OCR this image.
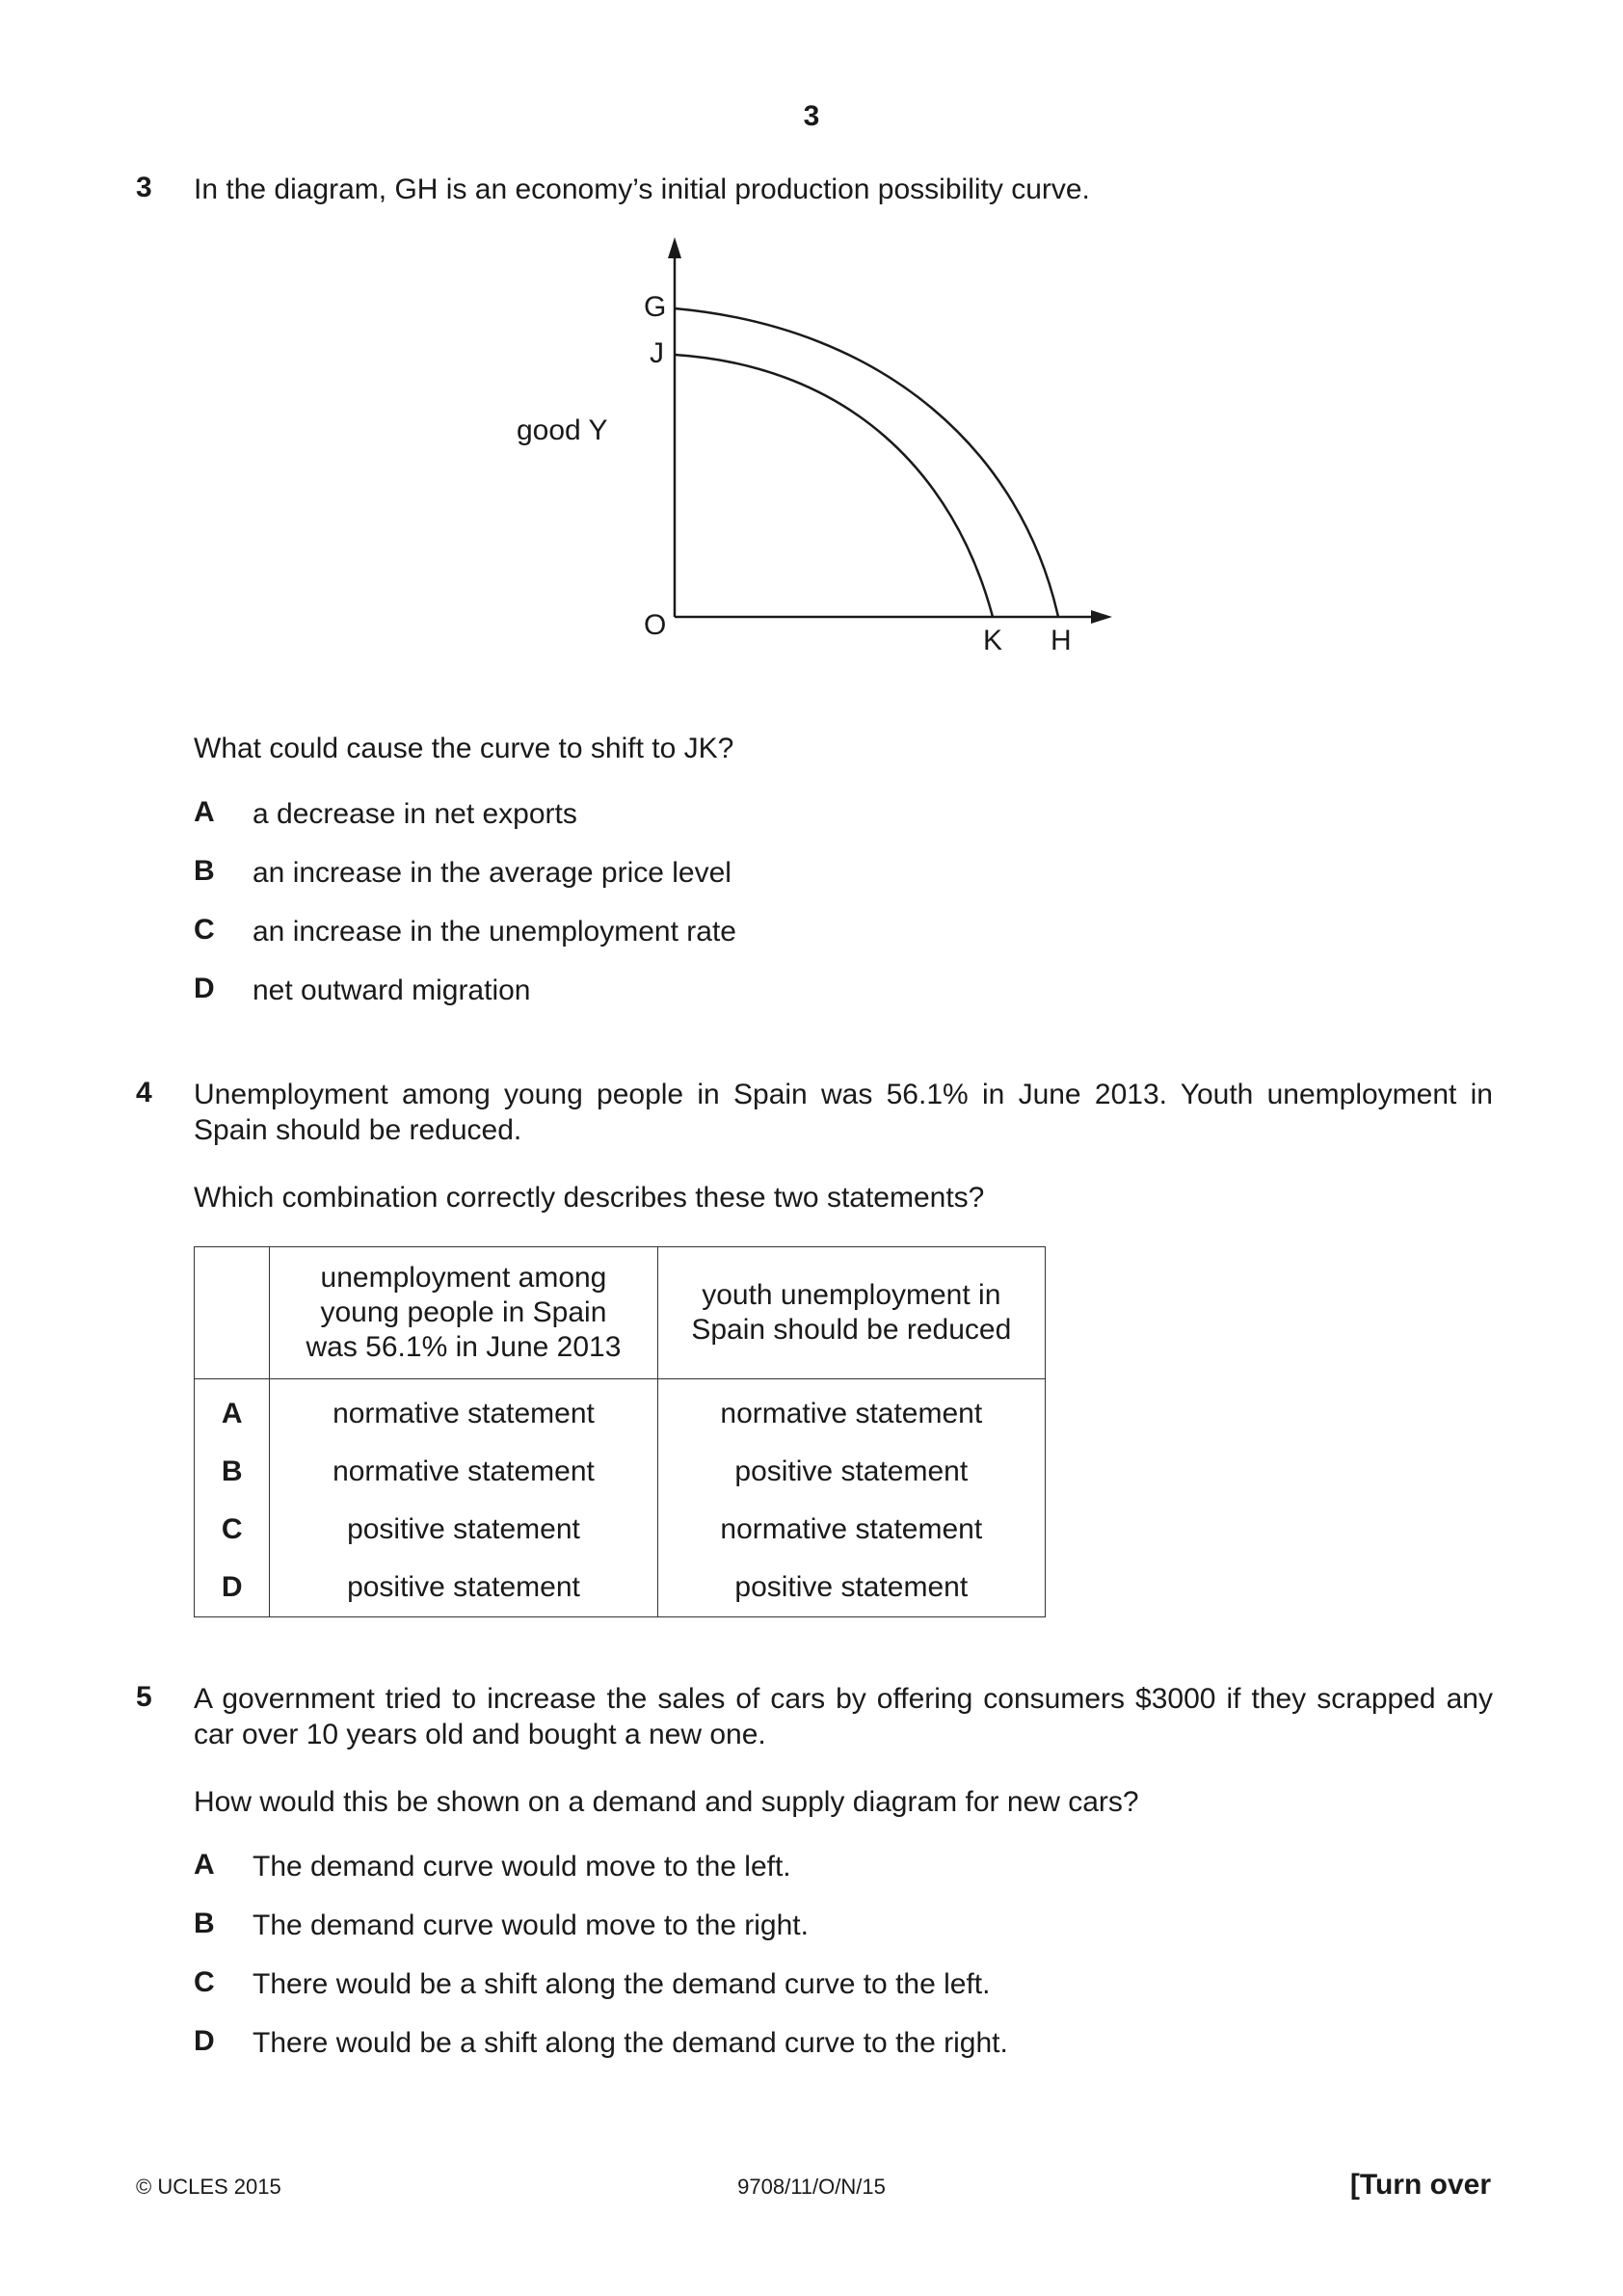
3
3 In the diagram, GH is an economy’s initial production possibility curve.
G
J
good Y
O	K H
What could cause the curve to shift to JK?
A a decrease in net exports
B an increase in the average price level
C an increase in the unemployment rate
D net outward migration
4 Unemployment among young people in Spain was 56.1% in June 2013. Youth unemployment in Spain should be reduced.
Which combination correctly describes these two statements?

	unemployment among young people in Spain was 56.1% in June 2013	youth unemployment in Spain should be reduced

A	normative statement	normative statement
B	normative statement	positive statement
C	positive statement	normative statement
D	positive statement	positive statement
5 A government tried to increase the sales of cars by offering consumers $3000 if they scrapped any car over 10 years old and bought a new one.
How would this be shown on a demand and supply diagram for new cars?
A The demand curve would move to the left.
B The demand curve would move to the right.
C There would be a shift along the demand curve to the left.
D There would be a shift along the demand curve to the right.
© UCLES 2015	9708/11/O/N/15	[Turn over
